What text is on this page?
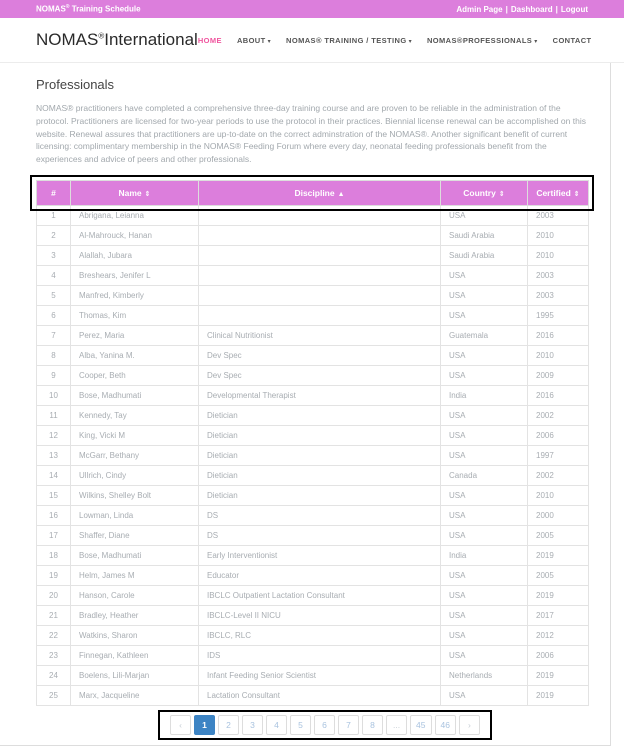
NOMAS® Training Schedule	Admin Page | Dashboard | Logout
NOMAS®International HOME ABOUT ▾ NOMAS® TRAINING / TESTING ▾ NOMAS®PROFESSIONALS ▾ CONTACT
Professionals

NOMAS® practitioners have completed a comprehensive three-day training course and are proven to be reliable in the administration of the protocol. Practitioners are licensed for two-year periods to use the protocol in their practices. Biennial license renewal can be accomplished on this website. Renewal assures that practitioners are up-to-date on the correct adminstration of the NOMAS®. Another significant benefit of current licensing: complimentary membership in the NOMAS® Feeding Forum where every day, neonatal feeding professionals benefit from the experiences and advice of peers and other professionals.

#	Name ⇕	Discipline ▲	Country ⇕	Certified ⇕
1	Abrigana, Leianna		USA	2003
2	Al-Mahrouck, Hanan		Saudi Arabia	2010
3	Alallah, Jubara		Saudi Arabia	2010
4	Breshears, Jenifer L		USA	2003
5	Manfred, Kimberly		USA	2003
6	Thomas, Kim		USA	1995
7	Perez, Maria	Clinical Nutritionist	Guatemala	2016
8	Alba, Yanina M.	Dev Spec	USA	2010
9	Cooper, Beth	Dev Spec	USA	2009
10	Bose, Madhumati	Developmental Therapist	India	2016
11	Kennedy, Tay	Dietician	USA	2002
12	King, Vicki M	Dietician	USA	2006
13	McGarr, Bethany	Dietician	USA	1997
14	Ullrich, Cindy	Dietician	Canada	2002
15	Wilkins, Shelley Bolt	Dietician	USA	2010
16	Lowman, Linda	DS	USA	2000
17	Shaffer, Diane	DS	USA	2005
18	Bose, Madhumati	Early Interventionist	India	2019
19	Helm, James M	Educator	USA	2005
20	Hanson, Carole	IBCLC Outpatient Lactation Consultant	USA	2019
21	Bradley, Heather	IBCLC-Level II NICU	USA	2017
22	Watkins, Sharon	IBCLC, RLC	USA	2012
23	Finnegan, Kathleen	IDS	USA	2006
24	Boelens, Lili-Marjan	Infant Feeding Senior Scientist	Netherlands	2019
25	Marx, Jacqueline	Lactation Consultant	USA	2019
‹	1	2	3	4	5	6	7	8	...	45	46	›
